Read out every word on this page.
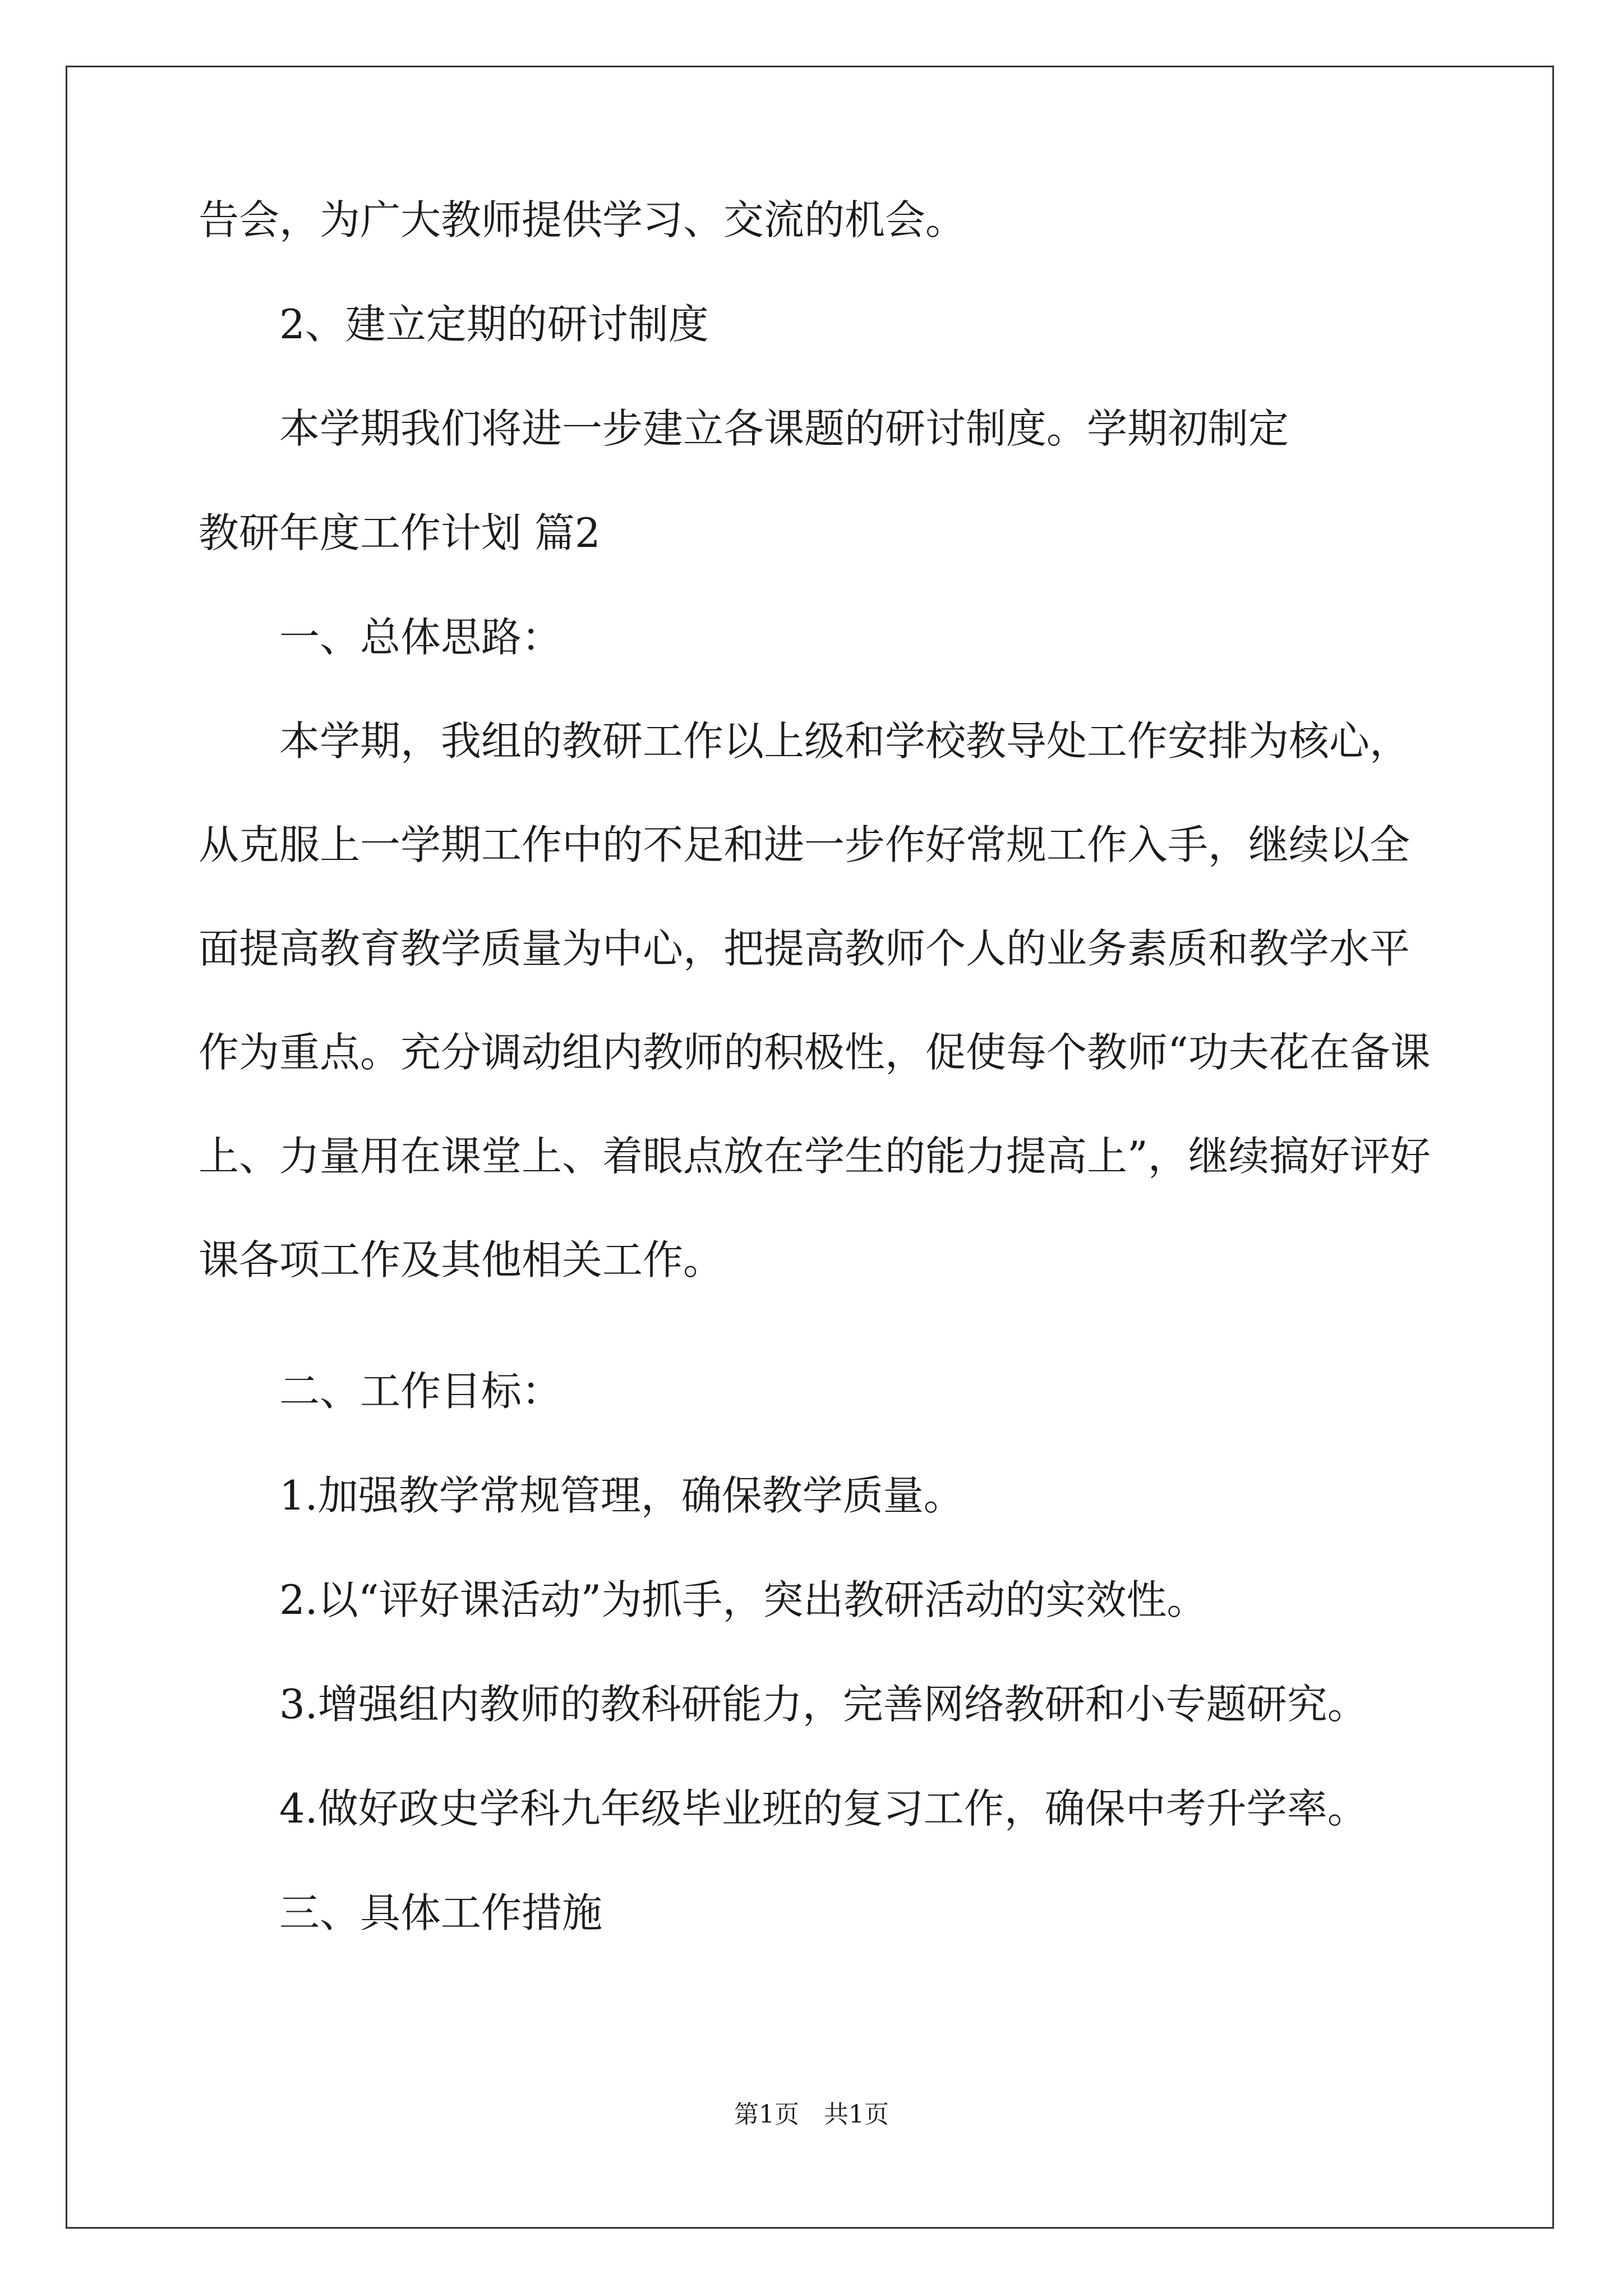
告会，为广大教师提供学习、交流的机会。

2、建立定期的研讨制度

本学期我们将进一步建立各课题的研讨制度。学期初制定

教研年度工作计划 篇2

一、总体思路：

本学期，我组的教研工作以上级和学校教导处工作安排为核心，从克服上一学期工作中的不足和进一步作好常规工作入手，继续以全面提高教育教学质量为中心，把提高教师个人的业务素质和教学水平作为重点。充分调动组内教师的积极性，促使每个教师“功夫花在备课上、力量用在课堂上、着眼点放在学生的能力提高上”，继续搞好评好课各项工作及其他相关工作。

二、工作目标：

1.加强教学常规管理，确保教学质量。

2.以“评好课活动”为抓手，突出教研活动的实效性。

3.增强组内教师的教科研能力，完善网络教研和小专题研究。

4.做好政史学科九年级毕业班的复习工作，确保中考升学率。

三、具体工作措施

第1页　共1页
